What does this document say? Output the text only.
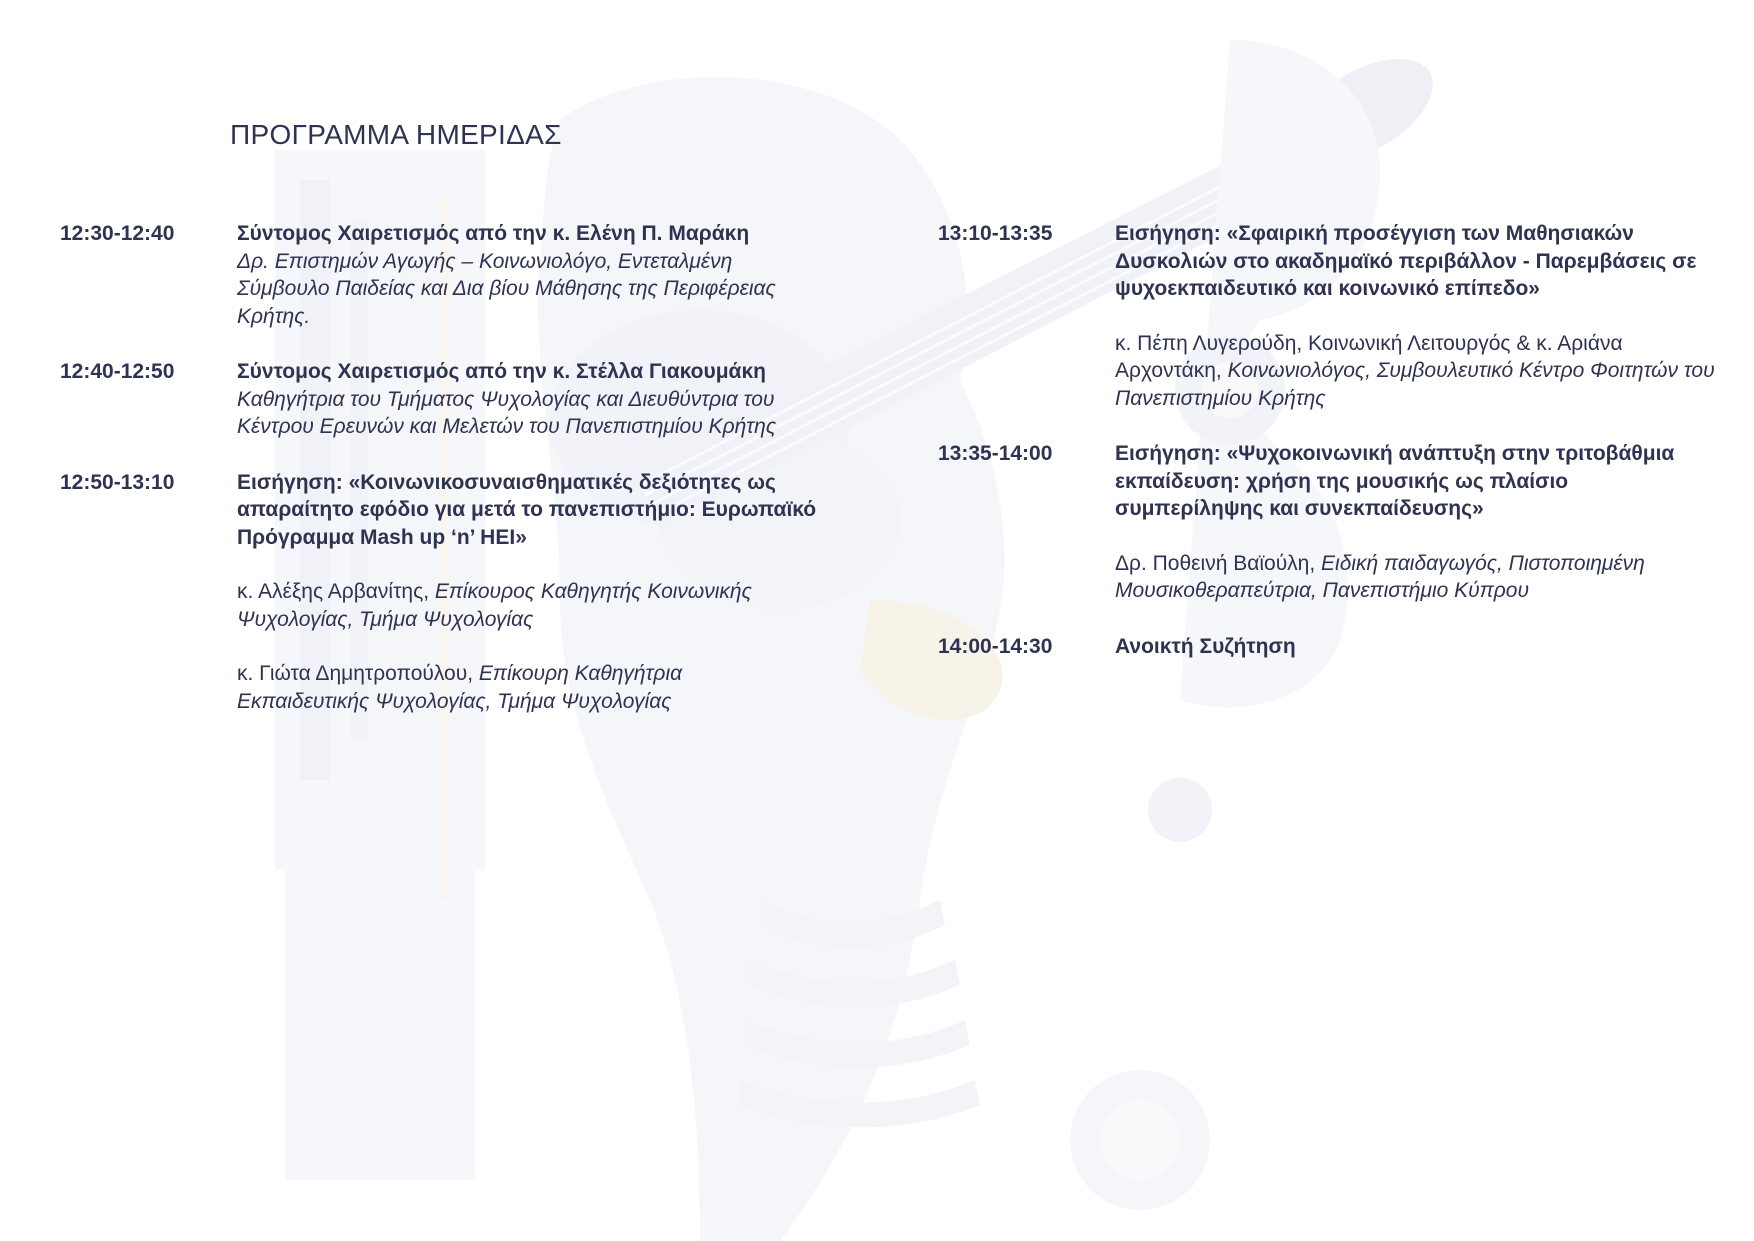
ΠΡΟΓΡΑΜΜΑ ΗΜΕΡΙΔΑΣ
12:30-12:40	Σύντομος Χαιρετισμός από την κ. Ελένη Π. Μαράκη
Δρ. Επιστημών Αγωγής – Κοινωνιολόγο, Εντεταλμένη Σύμβουλο Παιδείας και Δια βίου Μάθησης της Περιφέρειας Κρήτης.
12:40-12:50	Σύντομος Χαιρετισμός από την κ. Στέλλα Γιακουμάκη
Καθηγήτρια του Τμήματος Ψυχολογίας και Διευθύντρια του Κέντρου Ερευνών και Μελετών του Πανεπιστημίου Κρήτης
12:50-13:10	Εισήγηση: «Κοινωνικοσυναισθηματικές δεξιότητες ως απαραίτητο εφόδιο για μετά το πανεπιστήμιο: Ευρωπαϊκό Πρόγραμμα Mash up ‘n’ HEI»
κ. Αλέξης Αρβανίτης, Επίκουρος Καθηγητής Κοινωνικής Ψυχολογίας, Τμήμα Ψυχολογίας
κ. Γιώτα Δημητροπούλου, Επίκουρη Καθηγήτρια Εκπαιδευτικής Ψυχολογίας, Τμήμα Ψυχολογίας
13:10-13:35	Εισήγηση: «Σφαιρική προσέγγιση των Μαθησιακών Δυσκολιών στο ακαδημαϊκό περιβάλλον - Παρεμβάσεις σε ψυχοεκπαιδευτικό και κοινωνικό επίπεδο»
κ. Πέπη Λυγερούδη, Κοινωνική Λειτουργός & κ. Αριάνα Αρχοντάκη, Κοινωνιολόγος, Συμβουλευτικό Κέντρο Φοιτητών του Πανεπιστημίου Κρήτης
13:35-14:00	Εισήγηση: «Ψυχοκοινωνική ανάπτυξη στην τριτοβάθμια εκπαίδευση: χρήση της μουσικής ως πλαίσιο συμπερίληψης και συνεκπαίδευσης»
Δρ. Ποθεινή Βαϊούλη, Ειδική παιδαγωγός, Πιστοποιημένη Μουσικοθεραπεύτρια, Πανεπιστήμιο Κύπρου
14:00-14:30	Ανοικτή Συζήτηση
